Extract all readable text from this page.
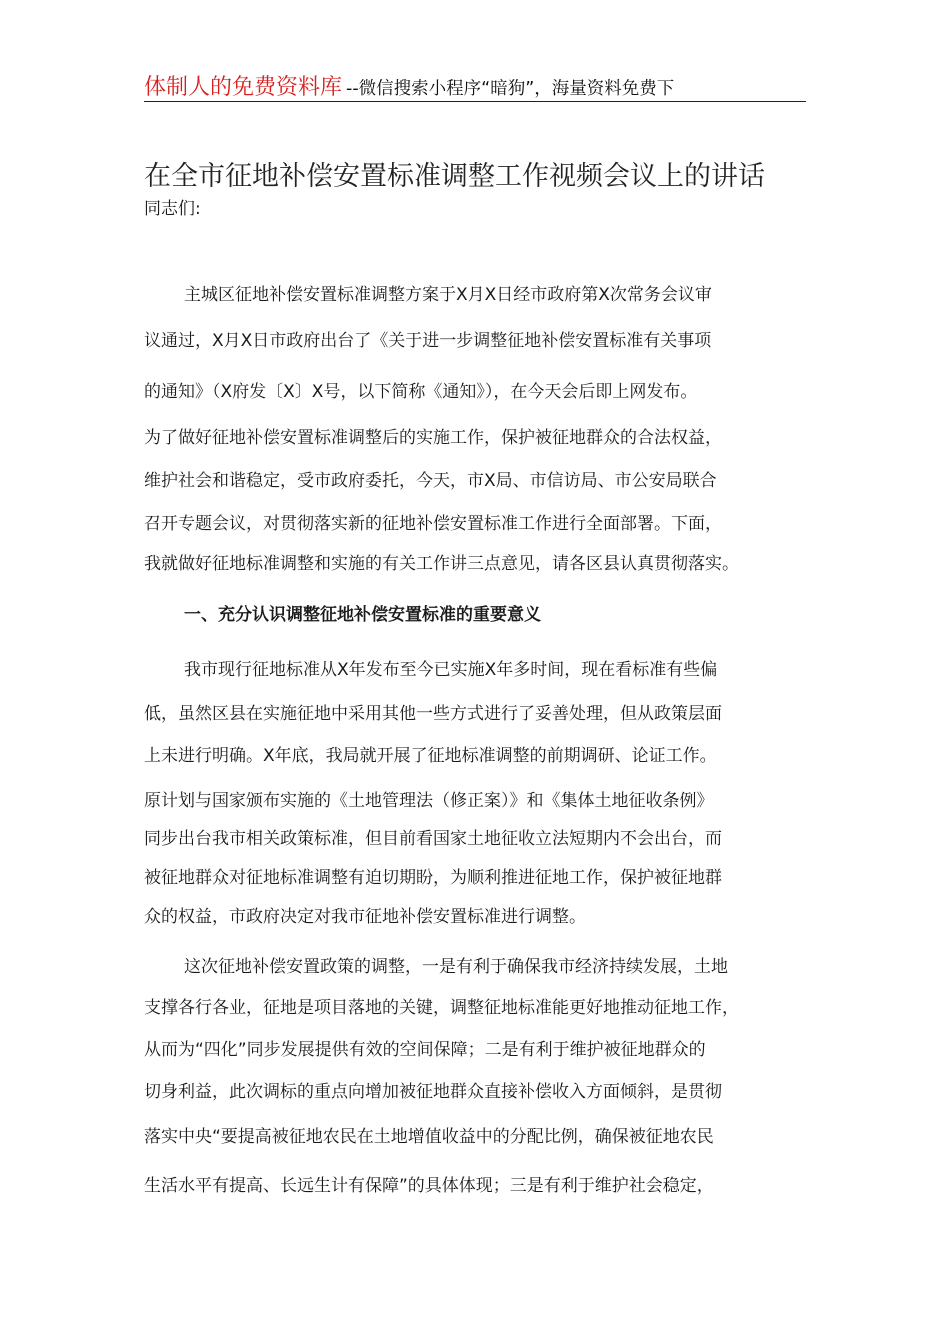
体制人的免费资料库 --微信搜索小程序“暗狗”，海量资料免费下
在全市征地补偿安置标准调整工作视频会议上的讲话
同志们:
主城区征地补偿安置标准调整方案于X月X日经市政府第X次常务会议审
议通过，X月X日市政府出台了《关于进一步调整征地补偿安置标准有关事项
的通知》（X府发〔X〕X号，以下简称《通知》），在今天会后即上网发布。
为了做好征地补偿安置标准调整后的实施工作，保护被征地群众的合法权益，
维护社会和谐稳定，受市政府委托，今天，市X局、市信访局、市公安局联合
召开专题会议，对贯彻落实新的征地补偿安置标准工作进行全面部署。下面，
我就做好征地标准调整和实施的有关工作讲三点意见，请各区县认真贯彻落实。
一、充分认识调整征地补偿安置标准的重要意义
我市现行征地标准从X年发布至今已实施X年多时间，现在看标准有些偏
低，虽然区县在实施征地中采用其他一些方式进行了妥善处理，但从政策层面
上未进行明确。X年底，我局就开展了征地标准调整的前期调研、论证工作。
原计划与国家颁布实施的《土地管理法（修正案）》和《集体土地征收条例》
同步出台我市相关政策标准，但目前看国家土地征收立法短期内不会出台，而
被征地群众对征地标准调整有迫切期盼，为顺利推进征地工作，保护被征地群
众的权益，市政府决定对我市征地补偿安置标准进行调整。
这次征地补偿安置政策的调整，一是有利于确保我市经济持续发展，土地
支撑各行各业，征地是项目落地的关键，调整征地标准能更好地推动征地工作，
从而为“四化”同步发展提供有效的空间保障；二是有利于维护被征地群众的
切身利益，此次调标的重点向增加被征地群众直接补偿收入方面倾斜，是贯彻
落实中央“要提高被征地农民在土地增值收益中的分配比例，确保被征地农民
生活水平有提高、长远生计有保障”的具体体现；三是有利于维护社会稳定，
